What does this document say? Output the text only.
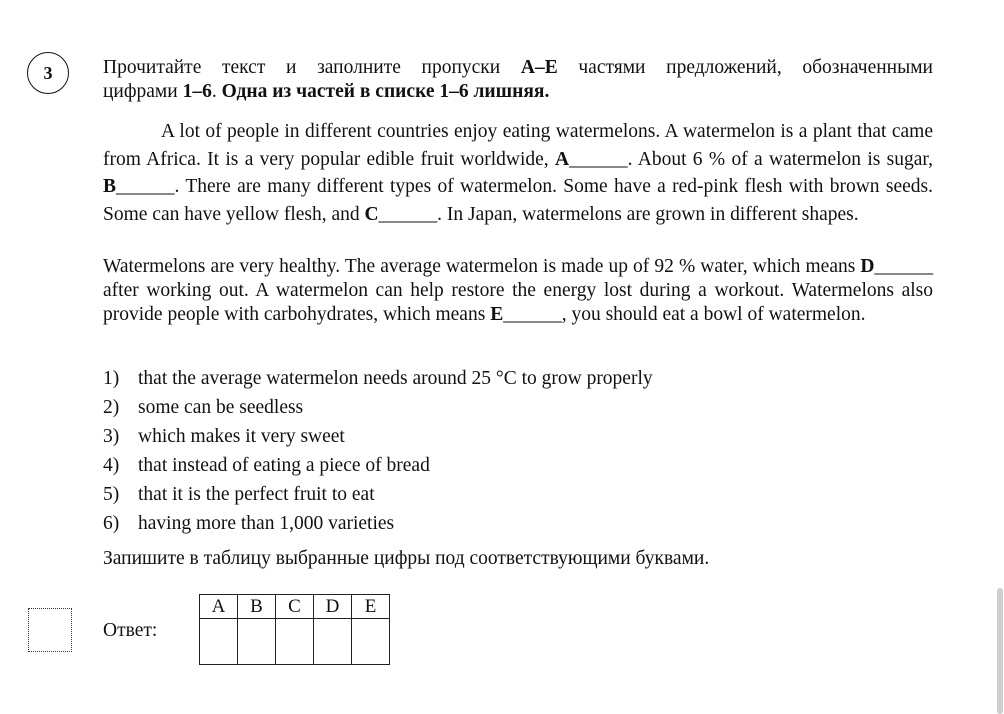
3	Прочитайте текст и заполните пропуски A–E частями предложений, обозначенными
цифрами 1–6. Одна из частей в списке 1–6 лишняя.
A lot of people in different countries enjoy eating watermelons. A watermelon is a plant that came from Africa. It is a very popular edible fruit worldwide, A______. About 6 % of a watermelon is sugar, B______. There are many different types of watermelon. Some have a red-pink flesh with brown seeds. Some can have yellow flesh, and C______. In Japan, watermelons are grown in different shapes.
Watermelons are very healthy. The average watermelon is made up of 92 % water, which means D______ after working out. A watermelon can help restore the energy lost during a workout. Watermelons also provide people with carbohydrates, which means E______, you should eat a bowl of watermelon.
1) that the average watermelon needs around 25 °C to grow properly
2) some can be seedless
3) which makes it very sweet
4) that instead of eating a piece of bread
5) that it is the perfect fruit to eat
6) having more than 1,000 varieties
Запишите в таблицу выбранные цифры под соответствующими буквами.
Ответ:
A	B	C	D	E
